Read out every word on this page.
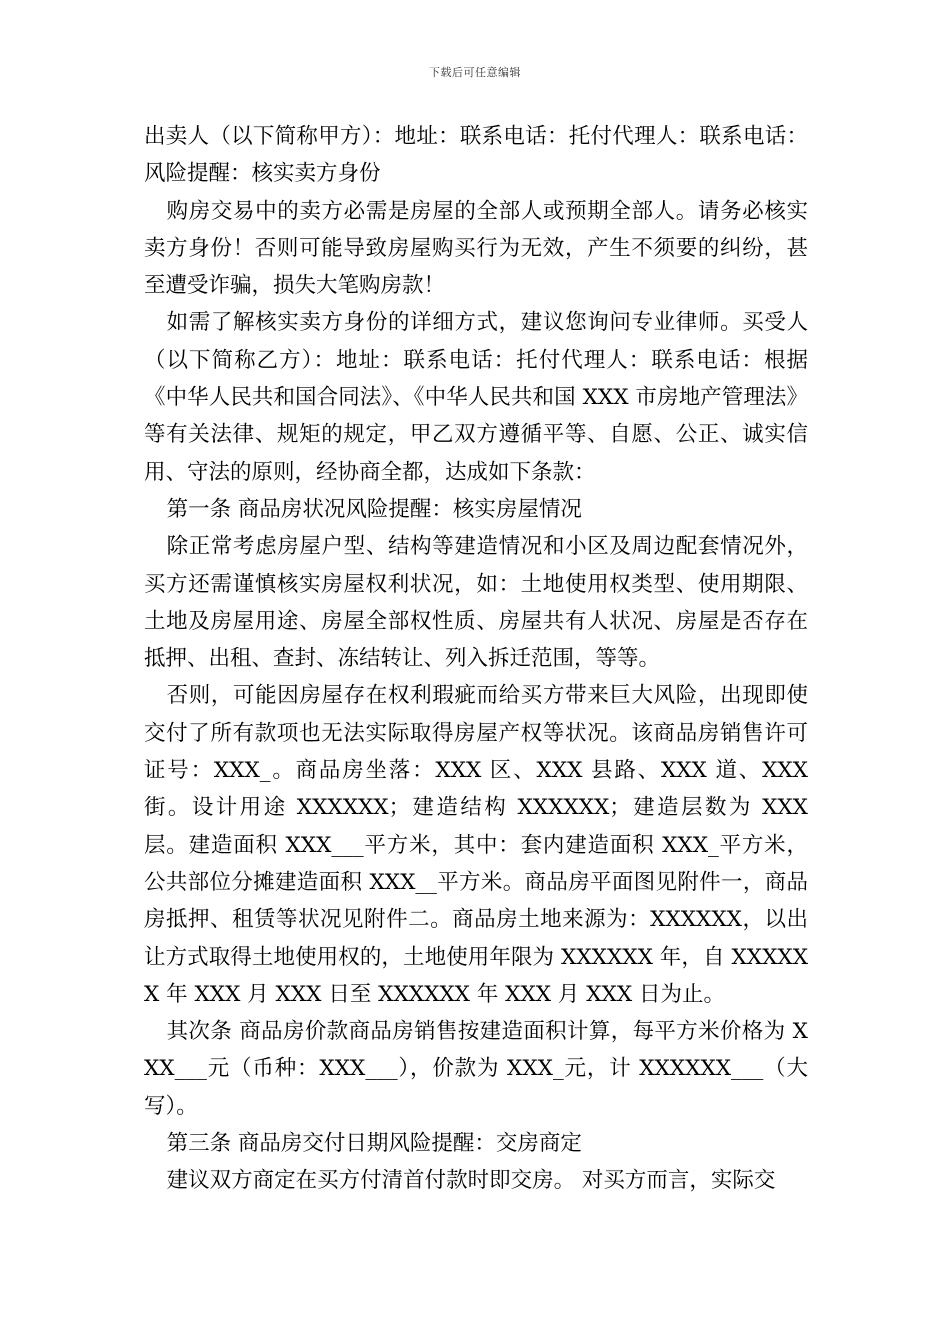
下载后可任意编辑

出卖人（以下简称甲方）：地址：联系电话：托付代理人：联系电话：风险提醒：核实卖方身份

购房交易中的卖方必需是房屋的全部人或预期全部人。请务必核实卖方身份！否则可能导致房屋购买行为无效，产生不须要的纠纷，甚至遭受诈骗，损失大笔购房款！

如需了解核实卖方身份的详细方式，建议您询问专业律师。买受人（以下简称乙方）：地址：联系电话：托付代理人：联系电话：根据《中华人民共和国合同法》、《中华人民共和国 XXX 市房地产管理法》等有关法律、规矩的规定，甲乙双方遵循平等、自愿、公正、诚实信用、守法的原则，经协商全都，达成如下条款：

第一条 商品房状况风险提醒：核实房屋情况

除正常考虑房屋户型、结构等建造情况和小区及周边配套情况外，买方还需谨慎核实房屋权利状况，如：土地使用权类型、使用期限、土地及房屋用途、房屋全部权性质、房屋共有人状况、房屋是否存在抵押、出租、查封、冻结转让、列入拆迁范围，等等。

否则，可能因房屋存在权利瑕疵而给买方带来巨大风险，出现即使交付了所有款项也无法实际取得房屋产权等状况。该商品房销售许可证号：XXX_。商品房坐落：XXX 区、XXX 县路、XXX 道、XXX 街。设计用途 XXXXXX；建造结构 XXXXXX；建造层数为 XXX 层。建造面积 XXX___平方米，其中：套内建造面积 XXX_平方米，公共部位分摊建造面积 XXX__平方米。商品房平面图见附件一，商品房抵押、租赁等状况见附件二。商品房土地来源为：XXXXXX，以出让方式取得土地使用权的，土地使用年限为 XXXXXX 年，自 XXXXXX 年 XXX 月 XXX 日至 XXXXXX 年 XXX 月 XXX 日为止。

其次条 商品房价款商品房销售按建造面积计算，每平方米价格为 XXX___元（币种：XXX___），价款为 XXX_元，计 XXXXXX___（大写）。

第三条 商品房交付日期风险提醒：交房商定

建议双方商定在买方付清首付款时即交房。 对买方而言，实际交
